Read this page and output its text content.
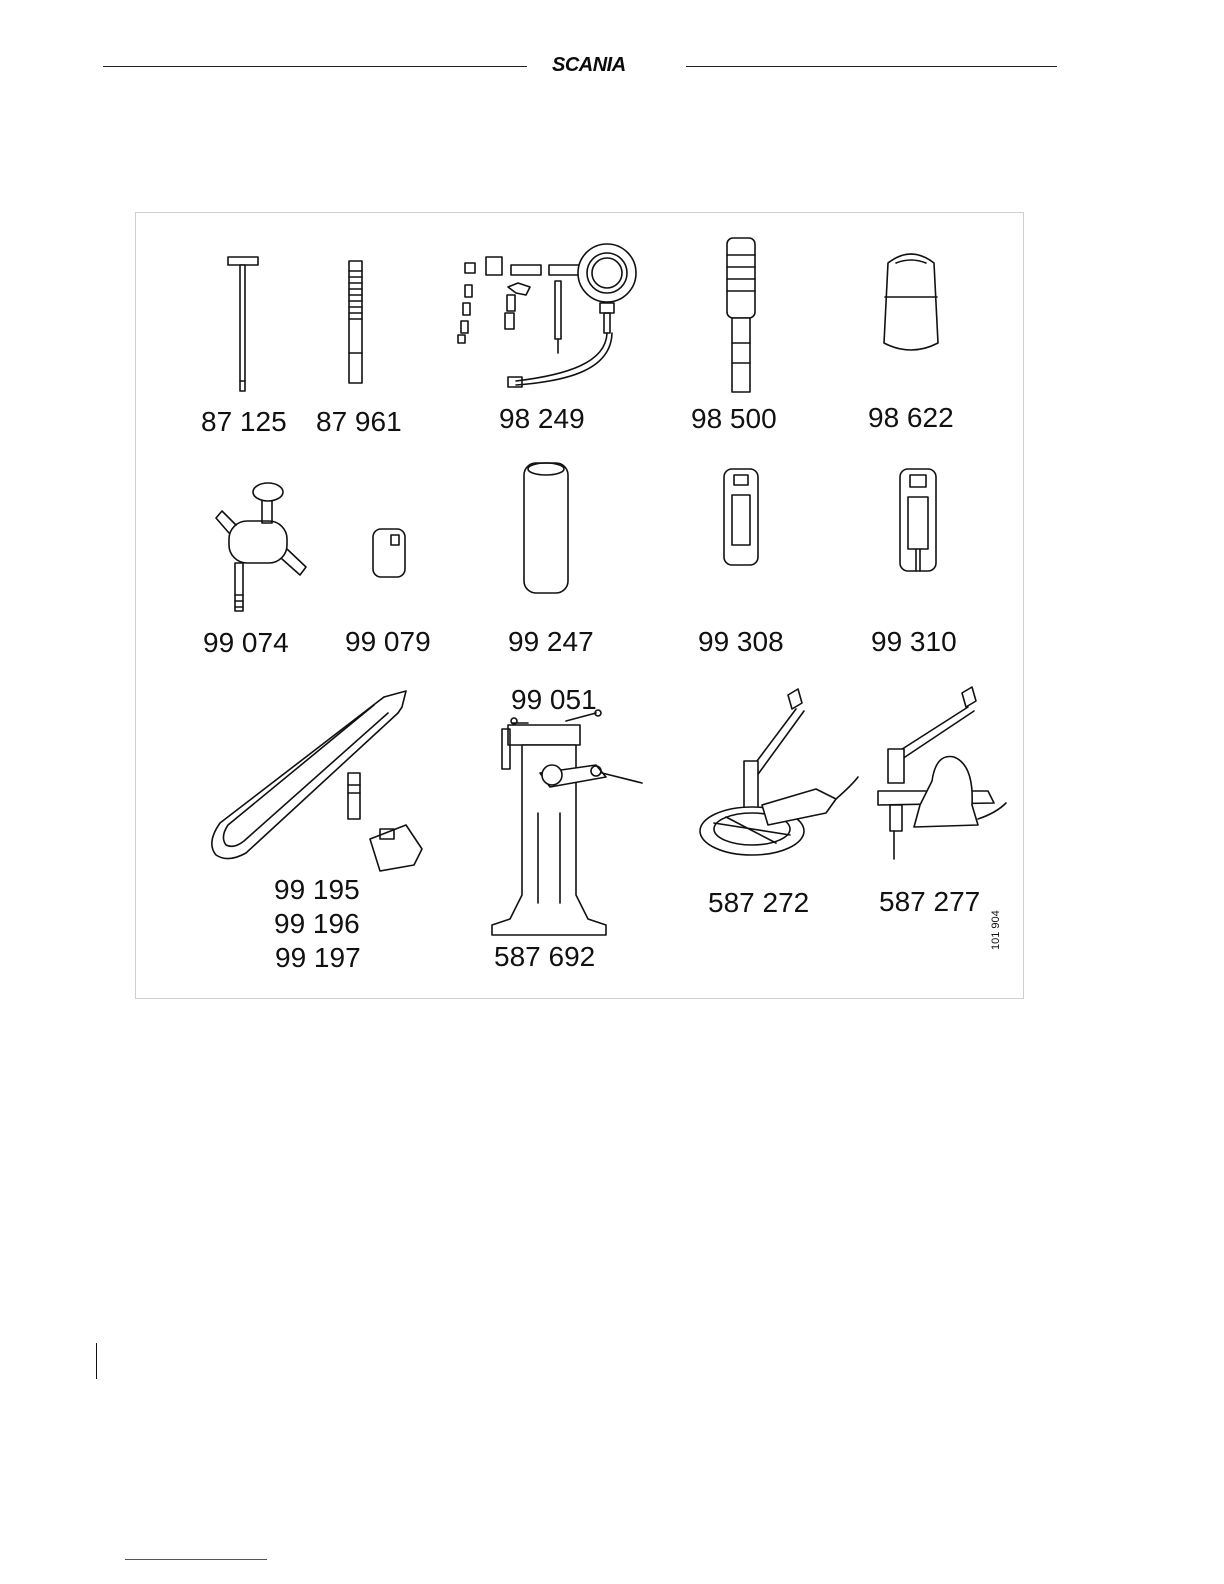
SCANIA
87 125 87 961	98 249	98 500	98 622
99 074 99 079	99 247	99 308	99 310
99 051
99 195
99 196
99 197	587 692
587 272 587 277
101 904
